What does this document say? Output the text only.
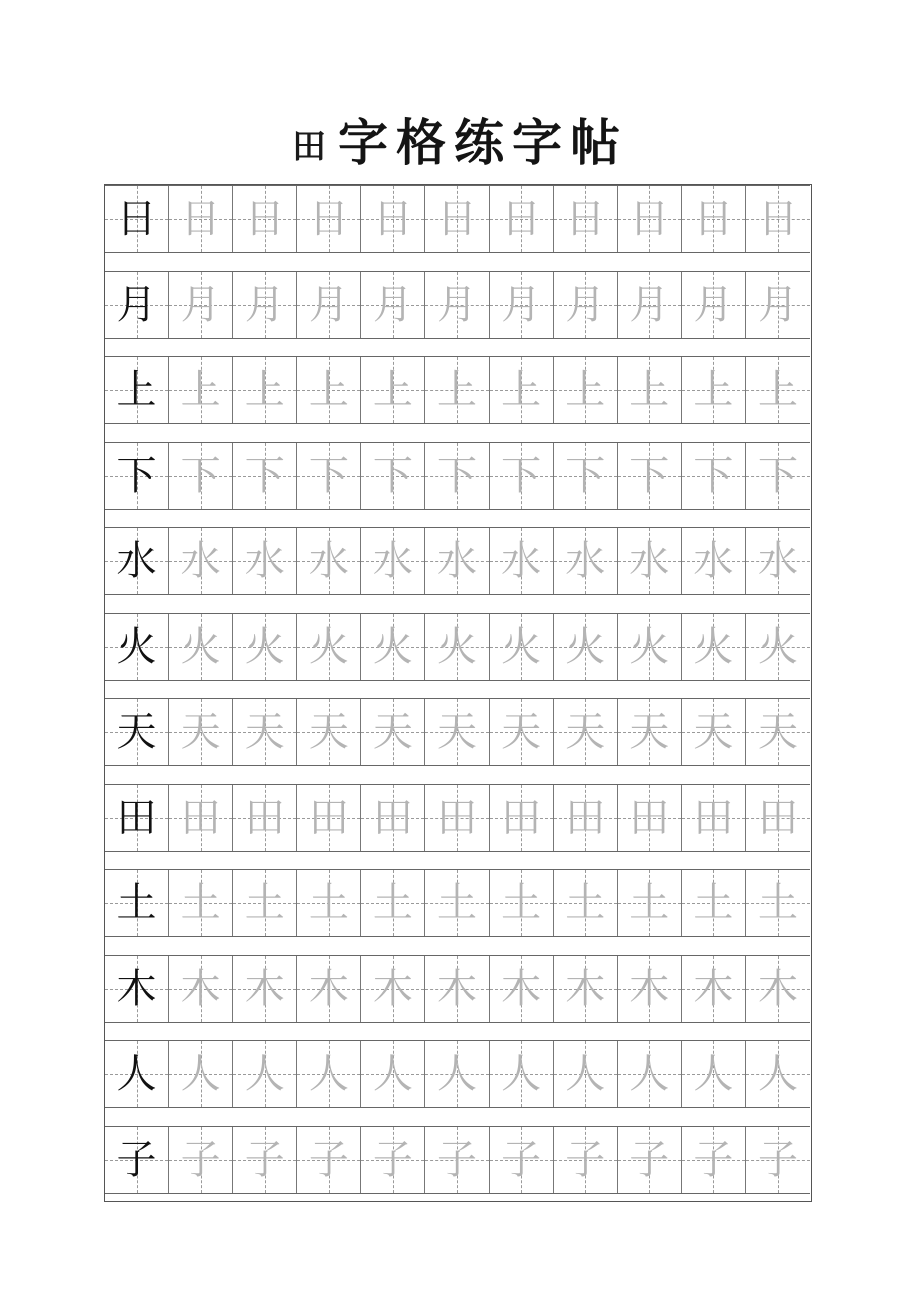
田 字格练字帖
日 日 日 日 日 日 日 日 日 日 日
月 月 月 月 月 月 月 月 月 月 月
上 上 上 上 上 上 上 上 上 上 上
下 下 下 下 下 下 下 下 下 下 下
水 水 水 水 水 水 水 水 水 水 水
火 火 火 火 火 火 火 火 火 火 火
天 天 天 天 天 天 天 天 天 天 天
田 田 田 田 田 田 田 田 田 田 田
土 土 土 土 土 土 土 土 土 土 土
木 木 木 木 木 木 木 木 木 木 木
人 人 人 人 人 人 人 人 人 人 人
子 子 子 子 子 子 子 子 子 子 子
